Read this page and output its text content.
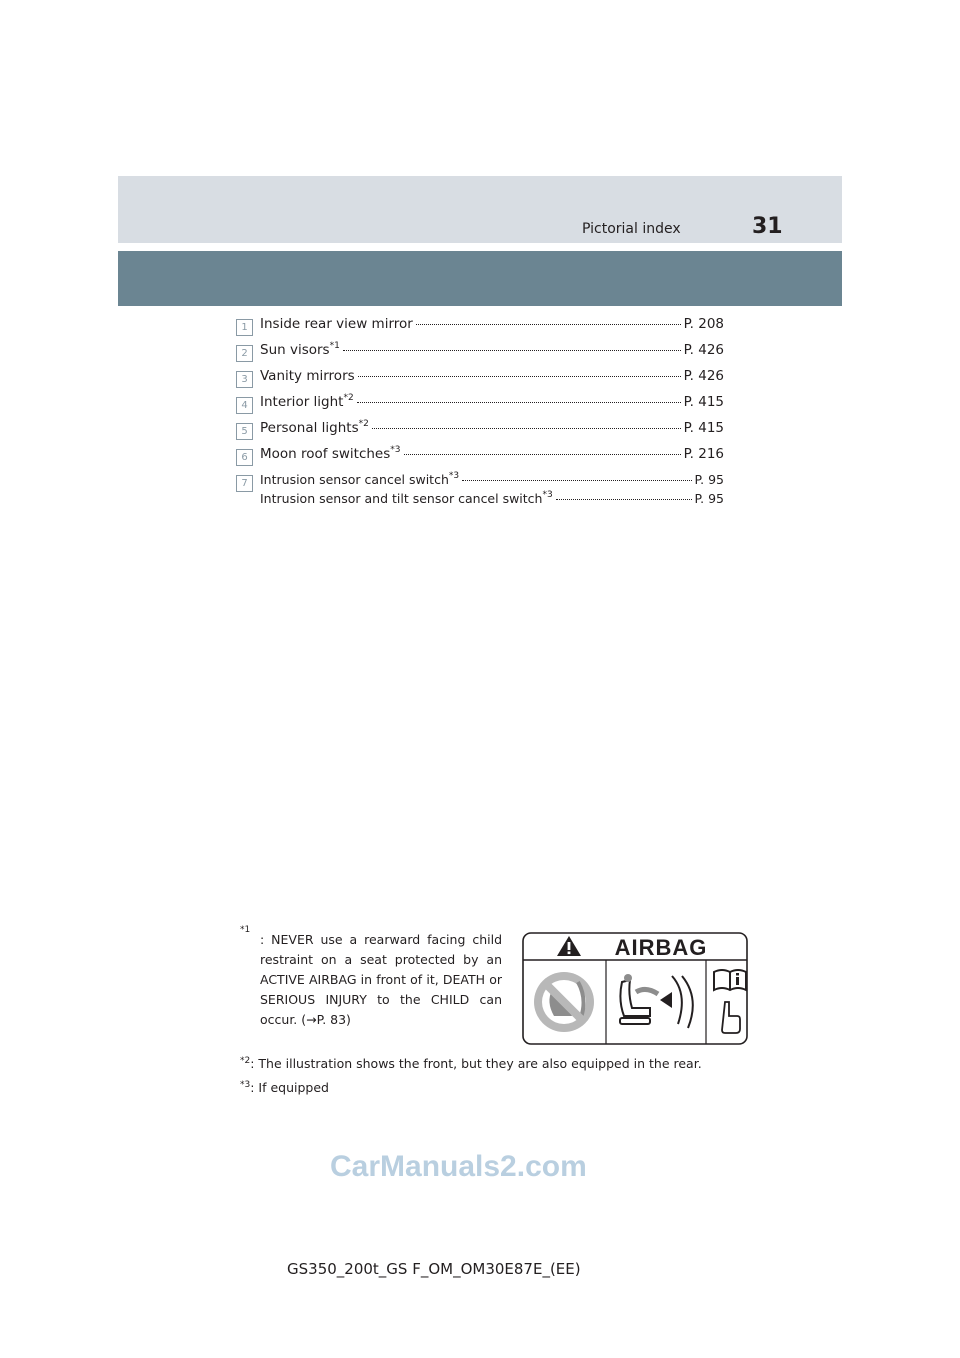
Pictorial index	31
1 Inside rear view mirror	P. 208
2 Sun visors$^{*1}$	P. 426
3 Vanity mirrors	P. 426
4 Interior light$^{*2}$	P. 415
5 Personal lights$^{*2}$	P. 415
6 Moon roof switches$^{*3}$	P. 216
7 Intrusion sensor cancel switch$^{*3}$	P. 95
Intrusion sensor and tilt sensor cancel switch$^{*3}$	P. 95
*1
: NEVER use a rearward facing child restraint on a seat protected by an ACTIVE AIRBAG in front of it, DEATH or SERIOUS INJURY to the CHILD can occur. (→P. 83)
AIRBAG
$^{*2}$: The illustration shows the front, but they are also equipped in the rear.
$^{*3}$: If equipped
CarManuals2.com
GS350_200t_GS F_OM_OM30E87E_(EE)
